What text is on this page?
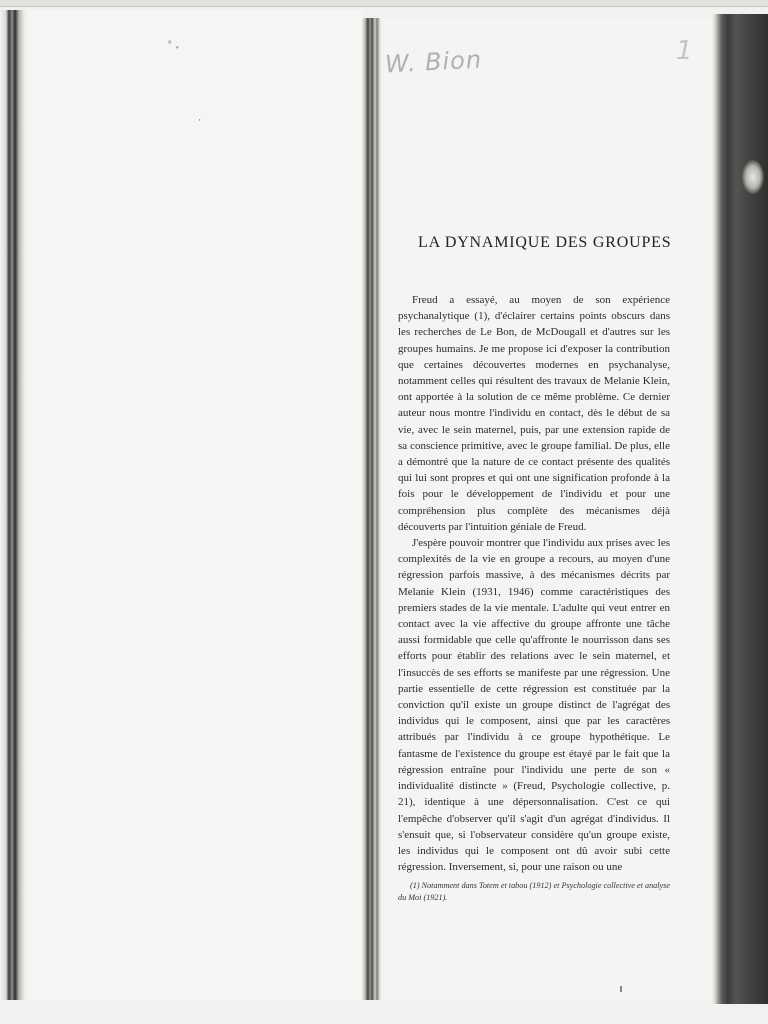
°
·
ᵊ	W. Bion	1
LA DYNAMIQUE DES GROUPES

Freud a essayé, au moyen de son expérience psychanalytique (1), d'éclairer certains points obscurs dans les recherches de Le Bon, de McDougall et d'autres sur les groupes humains. Je me propose ici d'exposer la contribution que certaines découvertes modernes en psychanalyse, notamment celles qui résultent des travaux de Melanie Klein, ont apportée à la solution de ce même problème. Ce dernier auteur nous montre l'individu en contact, dès le début de sa vie, avec le sein maternel, puis, par une extension rapide de sa conscience primitive, avec le groupe familial. De plus, elle a démontré que la nature de ce contact présente des qualités qui lui sont propres et qui ont une signification profonde à la fois pour le développement de l'individu et pour une compréhension plus complète des mécanismes déjà découverts par l'intuition géniale de Freud.

J'espère pouvoir montrer que l'individu aux prises avec les complexités de la vie en groupe a recours, au moyen d'une régression parfois massive, à des mécanismes décrits par Melanie Klein (1931, 1946) comme caractéristiques des premiers stades de la vie mentale. L'adulte qui veut entrer en contact avec la vie affective du groupe affronte une tâche aussi formidable que celle qu'affronte le nourrisson dans ses efforts pour établir des relations avec le sein maternel, et l'insuccès de ses efforts se manifeste par une régression. Une partie essentielle de cette régression est constituée par la conviction qu'il existe un groupe distinct de l'agrégat des individus qui le composent, ainsi que par les caractères attribués par l'individu à ce groupe hypothétique. Le fantasme de l'existence du groupe est étayé par le fait que la régression entraîne pour l'individu une perte de son « individualité distincte » (Freud, Psychologie collective, p. 21), identique à une dépersonnalisation. C'est ce qui l'empêche d'observer qu'il s'agit d'un agrégat d'individus. Il s'ensuit que, si l'observateur considère qu'un groupe existe, les individus qui le composent ont dû avoir subi cette régression. Inversement, si, pour une raison ou une

(1) Notamment dans Totem et tabou (1912) et Psychologie collective et analyse du Moi (1921).
